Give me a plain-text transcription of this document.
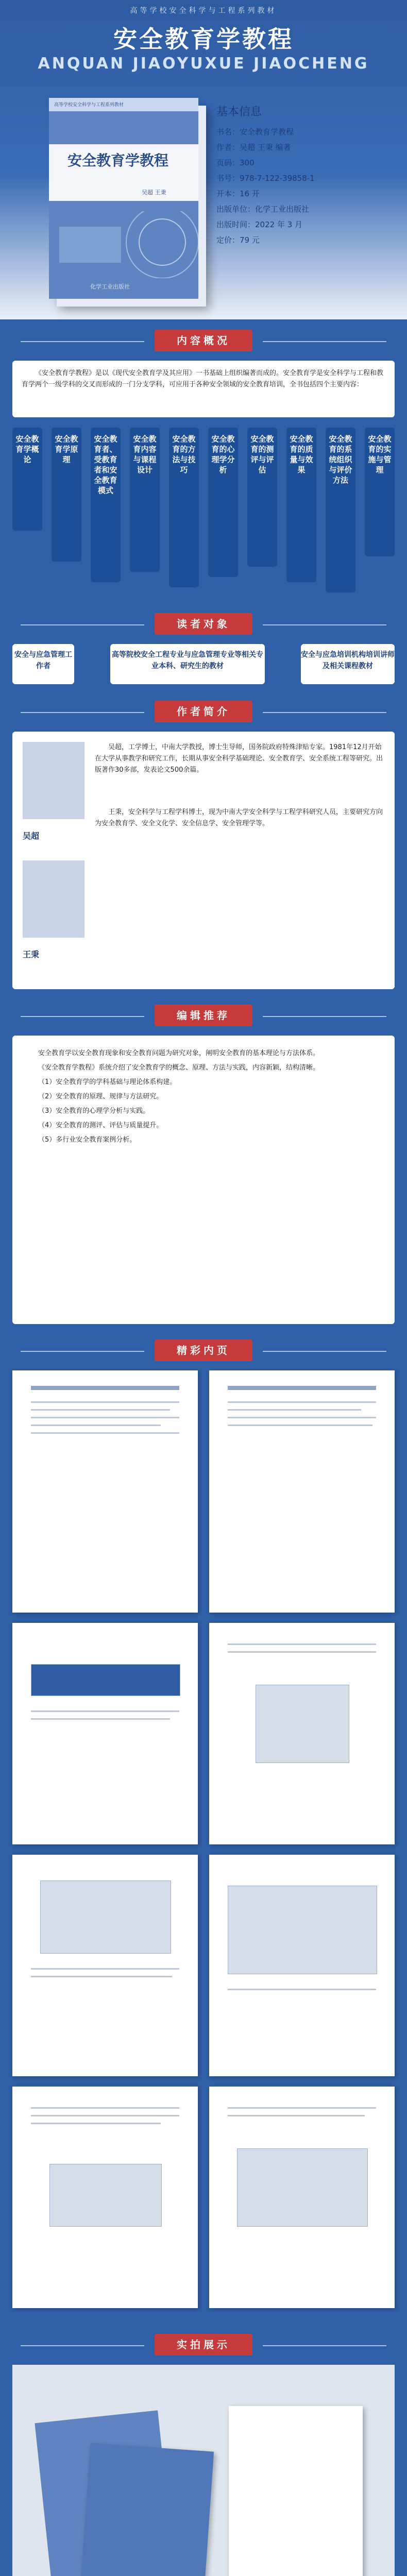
高等学校安全科学与工程系列教材
安全教育学教程
ANQUAN JIAOYUXUE JIAOCHENG
高等学校安全科学与工程系列教材
安全教育学教程
吴超 王秉
化学工业出版社
基本信息
书名：安全教育学教程
作者：吴超 王秉 编著
页码：300
书号：978-7-122-39858-1
开本：16 开
出版单位：化学工业出版社
出版时间：2022 年 3 月
定价：79 元
内容概况

《安全教育学教程》是以《现代安全教育学及其应用》一书基础上组织编著而成的。安全教育学是安全科学与工程和教育学两个一级学科的交叉而形成的一门分支学科，可应用于各种安全领域的安全教育培训，全书包括四个主要内容：

安全教育学概论
安全教育学原理
安全教育者、受教育者和安全教育模式
安全教育内容与课程设计
安全教育的方法与技巧
安全教育的心理学分析
安全教育的测评与评估
安全教育的质量与效果
安全教育的系统组织与评价方法
安全教育的实施与管理
读者对象
安全与应急管理工作者
高等院校安全工程专业与应急管理专业等相关专业本科、研究生的教材
安全与应急培训机构培训讲师及相关课程教材
作者简介
吴超
王秉

吴超，工学博士，中南大学教授，博士生导师，国务院政府特殊津贴专家。1981年12月开始在大学从事教学和研究工作，长期从事安全科学基础理论、安全教育学、安全系统工程等研究。出版著作30多部，发表论文500余篇。

王秉，安全科学与工程学科博士，现为中南大学安全科学与工程学科研究人员，主要研究方向为安全教育学、安全文化学、安全信息学、安全管理学等。

编辑推荐

安全教育学以安全教育现象和安全教育问题为研究对象，阐明安全教育的基本理论与方法体系。

《安全教育学教程》系统介绍了安全教育学的概念、原理、方法与实践，内容新颖，结构清晰。

（1）安全教育学的学科基础与理论体系构建。

（2）安全教育的原理、规律与方法研究。

（3）安全教育的心理学分析与实践。

（4）安全教育的测评、评估与质量提升。

（5）多行业安全教育案例分析。

精彩内页
实拍展示
